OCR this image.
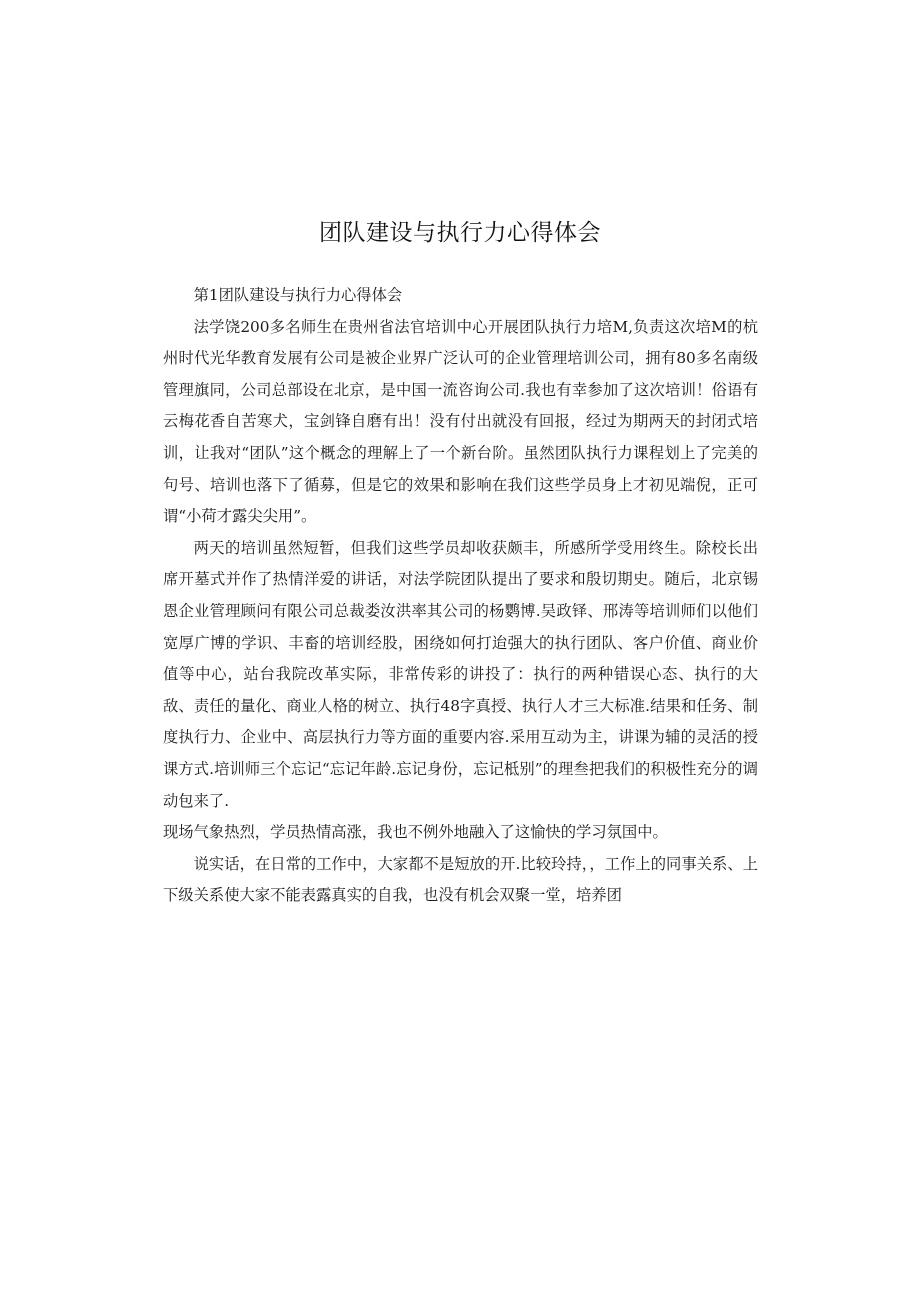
团队建设与执行力心得体会

第1团队建设与执行力心得体会

法学饶200多名师生在贵州省法官培训中心开展团队执行力培M,负责这次培M的杭州时代光华教育发展有公司是被企业界广泛认可的企业管理培训公司，拥有80多名南级管理旗同，公司总部设在北京，是中国一流咨询公司.我也有幸参加了这次培训！俗语有云梅花香自苦寒犬，宝剑锋自磨有出！没有付出就没有回报，经过为期两天的封闭式培训，让我对“团队”这个概念的理解上了一个新台阶。虽然团队执行力课程划上了完美的句号、培训也落下了循募，但是它的效果和影响在我们这些学员身上才初见端倪，正可谓“小荷才露尖尖用”。

两天的培训虽然短暂，但我们这些学员却收获颇丰，所感所学受用终生。除校长出席开墓式并作了热情洋爱的讲话，对法学院团队提出了要求和殷切期史。随后，北京锡恩企业管理顾问有限公司总裁娄汝洪率其公司的杨鹦博.吴政铎、邢涛等培训师们以他们宽厚广博的学识、丰畜的培训经股，困绕如何打迨强大的执行团队、客户价值、商业价值等中心，站台我院改革实际，非常传彩的讲投了：执行的两种错误心态、执行的大敌、责任的量化、商业人格的树立、执行48字真授、执行人才三大标准.结果和任务、制度执行力、企业中、高层执行力等方面的重要内容.采用互动为主，讲课为辅的灵活的授课方式.培训师三个忘记“忘记年龄.忘记身份，忘记柢别”的理叁把我们的积极性充分的调动包来了.

现场气象热烈，学员热情高涨，我也不例外地融入了这愉快的学习氛国中。

说实话，在日常的工作中，大家都不是短放的开.比较玲持，，工作上的同事关系、上下级关系使大家不能表露真实的自我，也没有机会双聚一堂，培养团
